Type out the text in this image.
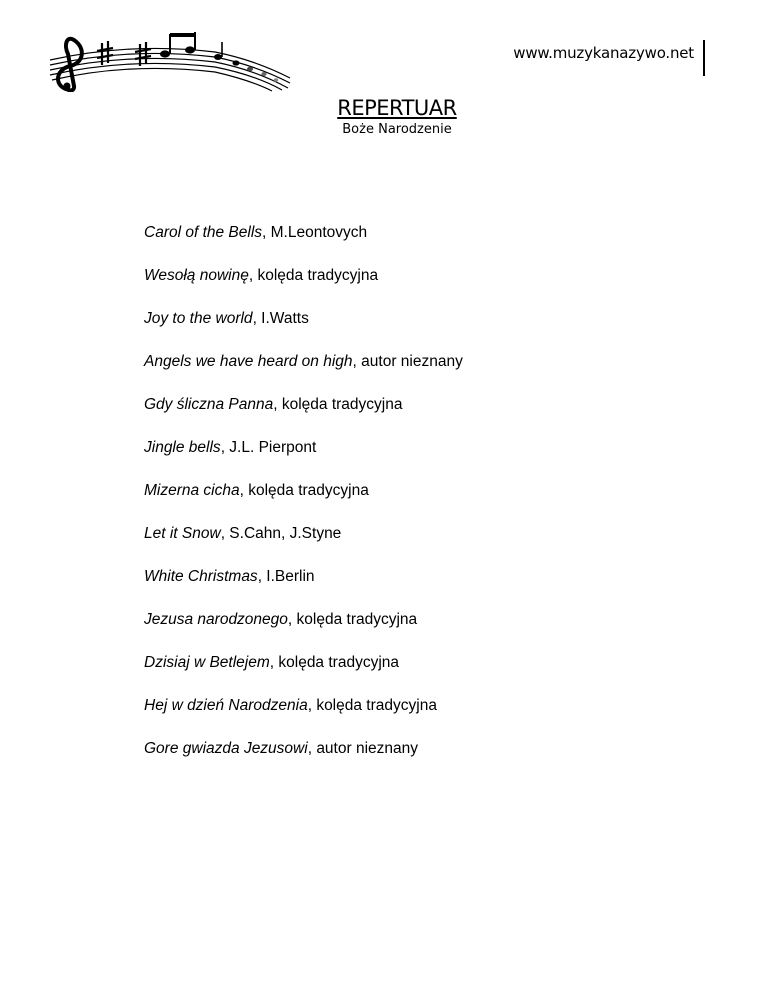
www.muzykanazywo.net
REPERTUAR
Boże Narodzenie
Carol of the Bells, M.Leontovych
Wesołą nowinę, kolęda tradycyjna
Joy to the world, I.Watts
Angels we have heard on high, autor nieznany
Gdy śliczna Panna, kolęda tradycyjna
Jingle bells, J.L. Pierpont
Mizerna cicha, kolęda tradycyjna
Let it Snow, S.Cahn, J.Styne
White Christmas, I.Berlin
Jezusa narodzonego, kolęda tradycyjna
Dzisiaj w Betlejem, kolęda tradycyjna
Hej w dzień Narodzenia, kolęda tradycyjna
Gore gwiazda Jezusowi, autor nieznany
